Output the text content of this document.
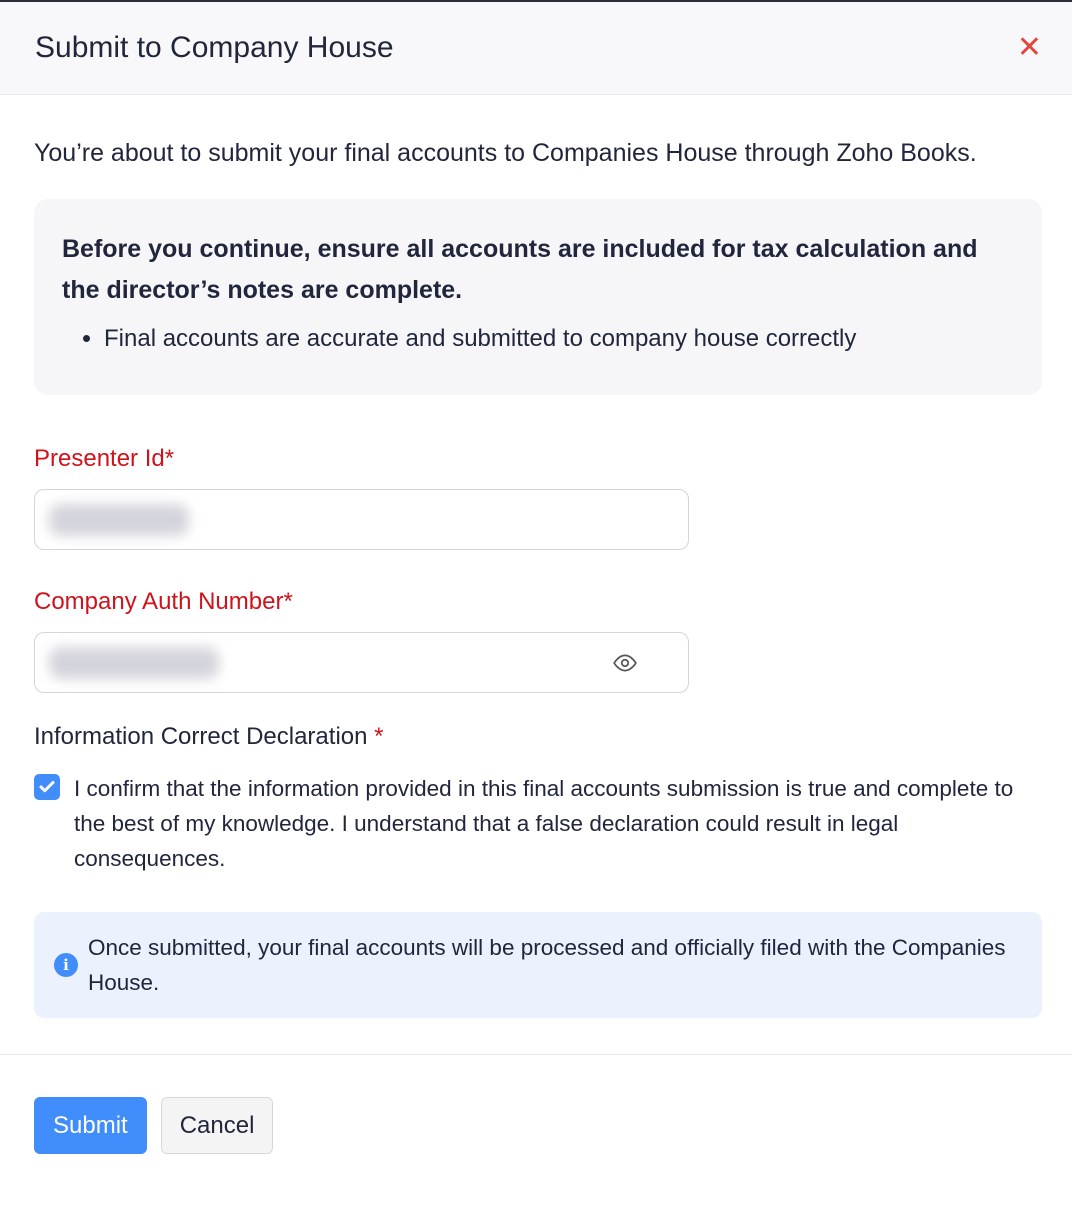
Submit to Company House	✕

You’re about to submit your final accounts to Companies House through Zoho Books.

Before you continue, ensure all accounts are included for tax calculation and the director’s notes are complete.
• Final accounts are accurate and submitted to company house correctly
Presenter Id*
Company Auth Number*
Information Correct Declaration *
I confirm that the information provided in this final accounts submission is true and complete to the best of my knowledge. I understand that a false declaration could result in legal consequences.
i
Once submitted, your final accounts will be processed and officially filed with the Companies House.
Submit	Cancel
